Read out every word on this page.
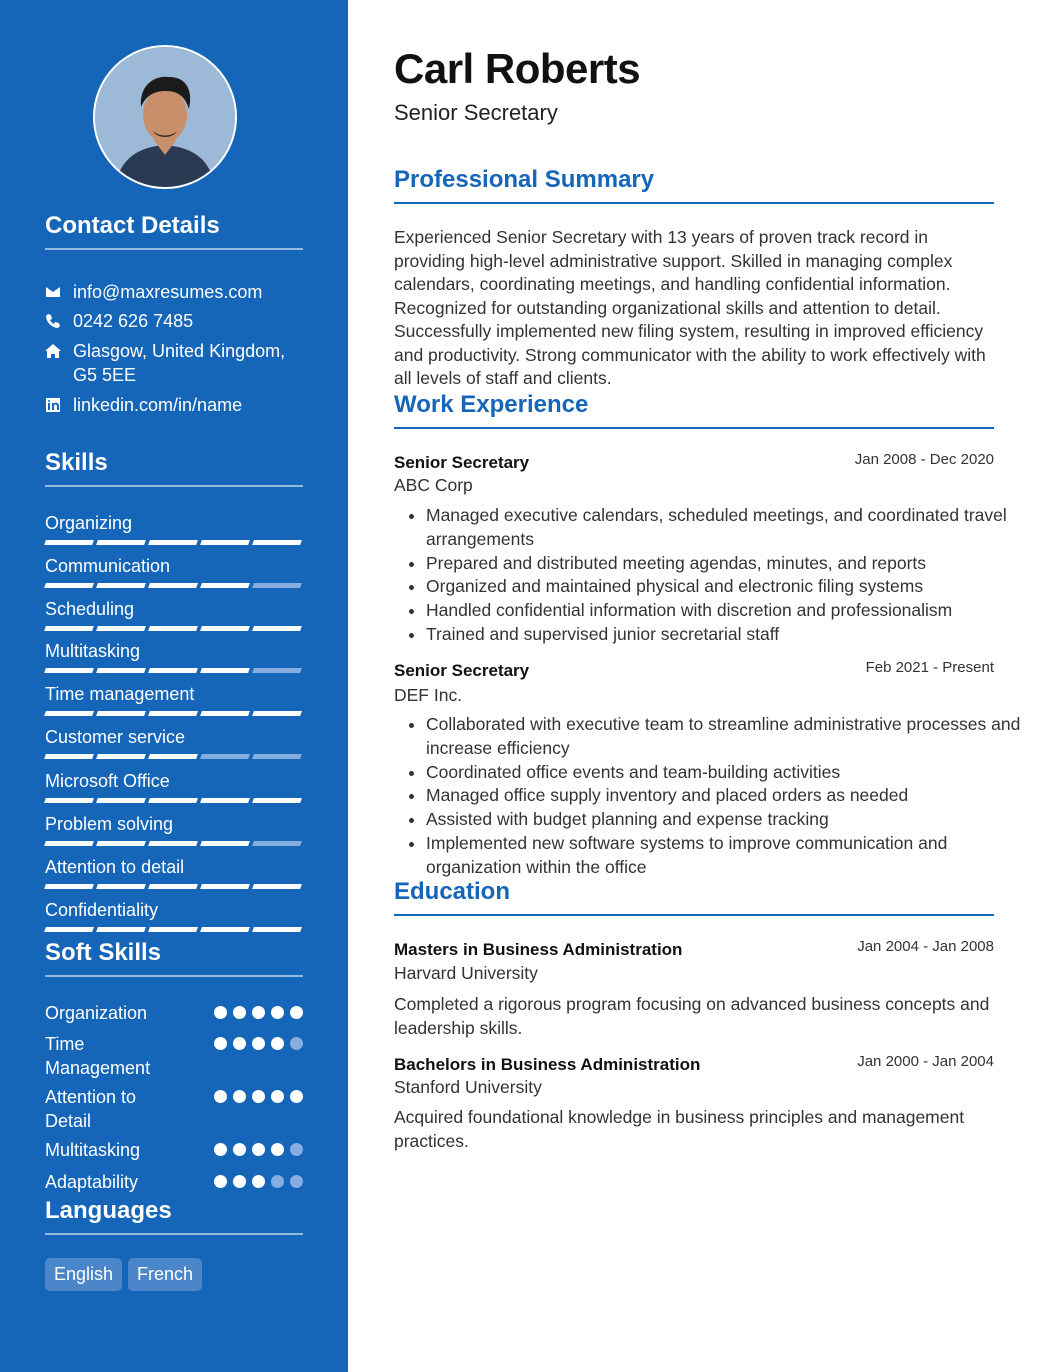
Contact Details
info@maxresumes.com
0242 626 7485
Glasgow, United Kingdom, G5 5EE
linkedin.com/in/name
Skills
Organizing
Communication
Scheduling
Multitasking
Time management
Customer service
Microsoft Office
Problem solving
Attention to detail
Confidentiality
Soft Skills
Organization
Time Management
Attention to Detail
Multitasking
Adaptability
Languages
English	French
Carl Roberts
Senior Secretary
Professional Summary
Experienced Senior Secretary with 13 years of proven track record in providing high-level administrative support. Skilled in managing complex calendars, coordinating meetings, and handling confidential information. Recognized for outstanding organizational skills and attention to detail. Successfully implemented new filing system, resulting in improved efficiency and productivity. Strong communicator with the ability to work effectively with all levels of staff and clients.
Work Experience
Senior Secretary	Jan 2008 - Dec 2020
ABC Corp
• Managed executive calendars, scheduled meetings, and coordinated travel arrangements
• Prepared and distributed meeting agendas, minutes, and reports
• Organized and maintained physical and electronic filing systems
• Handled confidential information with discretion and professionalism
• Trained and supervised junior secretarial staff
Senior Secretary	Feb 2021 - Present
DEF Inc.
• Collaborated with executive team to streamline administrative processes and increase efficiency
• Coordinated office events and team-building activities
• Managed office supply inventory and placed orders as needed
• Assisted with budget planning and expense tracking
• Implemented new software systems to improve communication and organization within the office
Education
Masters in Business Administration	Jan 2004 - Jan 2008
Harvard University
Completed a rigorous program focusing on advanced business concepts and leadership skills.
Bachelors in Business Administration	Jan 2000 - Jan 2004
Stanford University
Acquired foundational knowledge in business principles and management practices.
